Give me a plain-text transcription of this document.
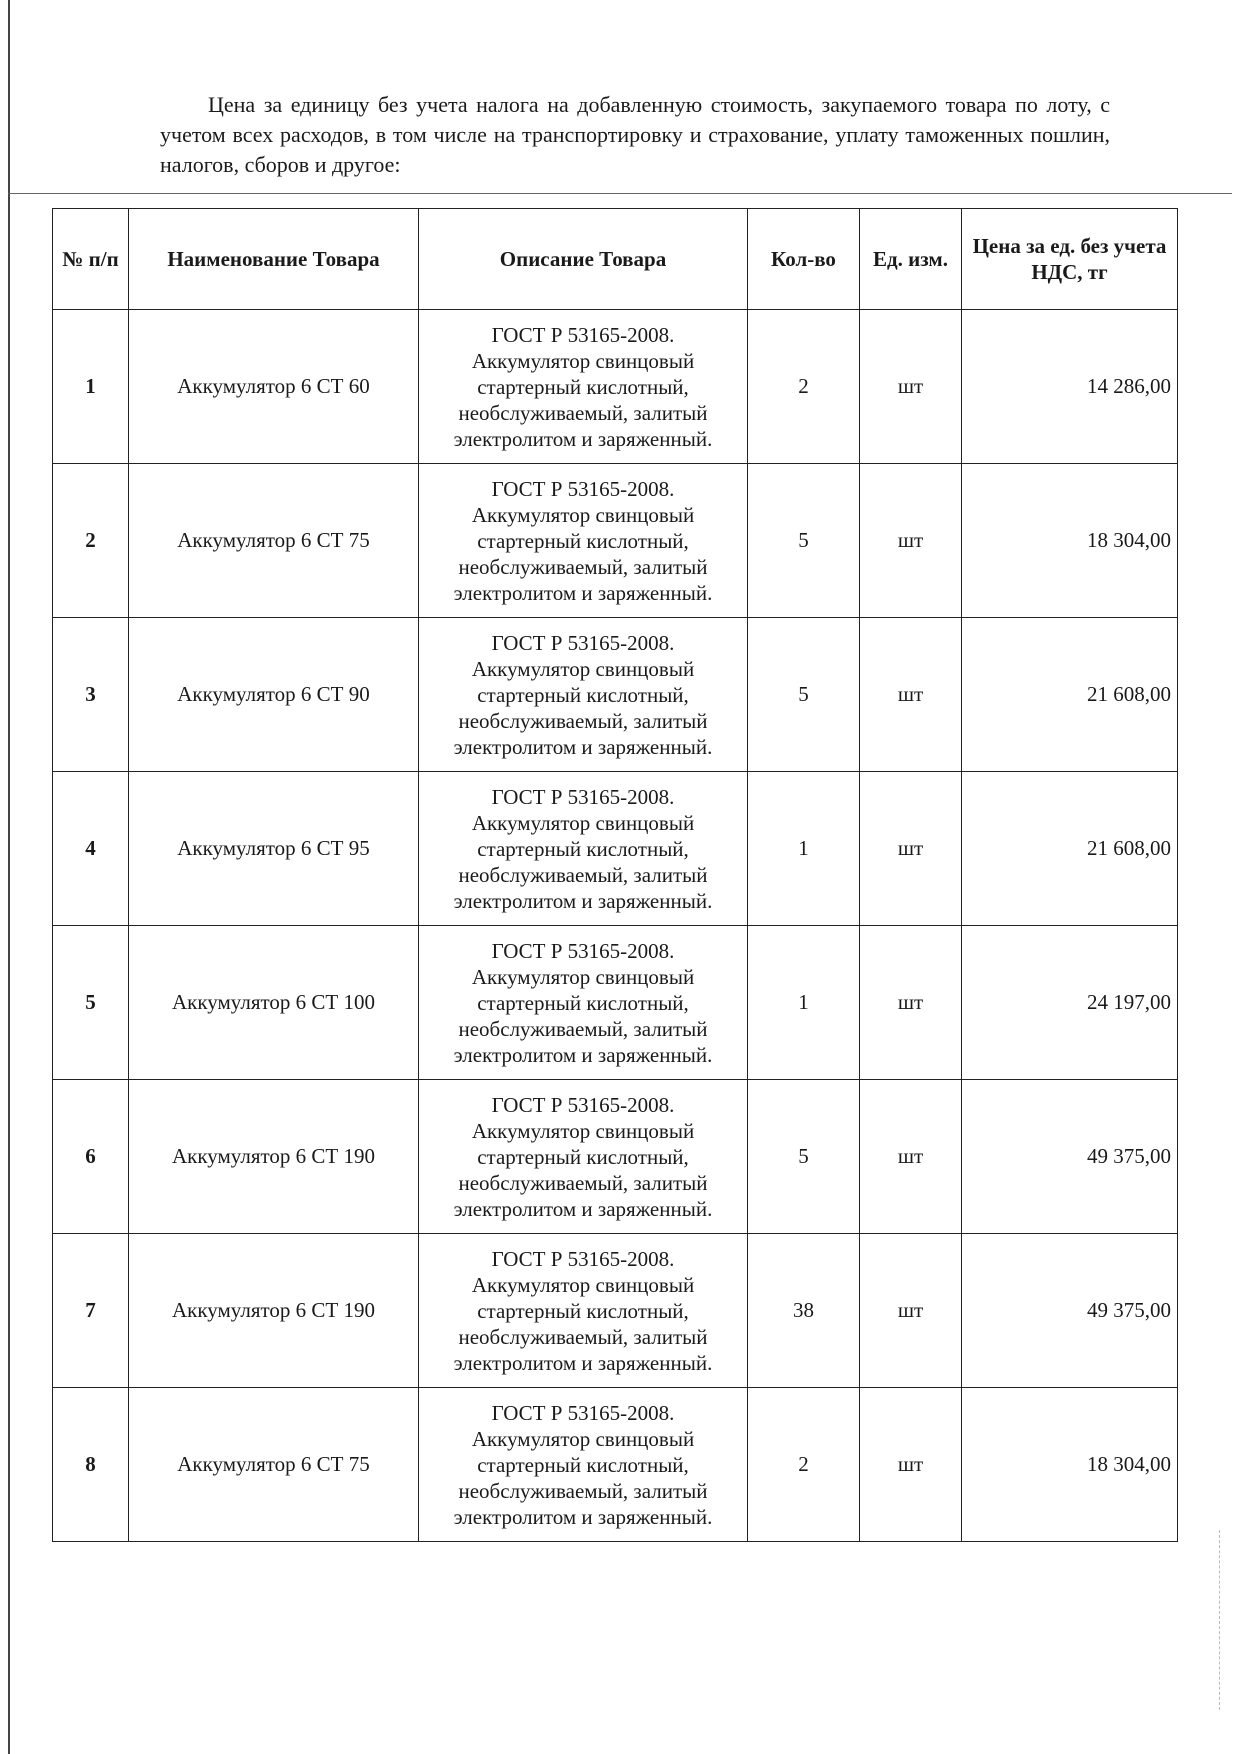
Цена за единицу без учета налога на добавленную стоимость, закупаемого товара по лоту, с учетом всех расходов, в том числе на транспортировку и страхование, уплату таможенных пошлин, налогов, сборов и другое:

№ п/п	Наименование Товара	Описание Товара	Кол-во	Ед. изм.	Цена за ед. без учета НДС, тг
1	Аккумулятор 6 СТ 60	ГОСТ Р 53165-2008.
Аккумулятор свинцовый стартерный кислотный, необслуживаемый, залитый электролитом и заряженный.	2	шт	14 286,00
2	Аккумулятор 6 СТ 75	ГОСТ Р 53165-2008.
Аккумулятор свинцовый стартерный кислотный, необслуживаемый, залитый электролитом и заряженный.	5	шт	18 304,00
3	Аккумулятор 6 СТ 90	ГОСТ Р 53165-2008.
Аккумулятор свинцовый стартерный кислотный, необслуживаемый, залитый электролитом и заряженный.	5	шт	21 608,00
4	Аккумулятор 6 СТ 95	ГОСТ Р 53165-2008.
Аккумулятор свинцовый стартерный кислотный, необслуживаемый, залитый электролитом и заряженный.	1	шт	21 608,00
5	Аккумулятор 6 СТ 100	ГОСТ Р 53165-2008.
Аккумулятор свинцовый стартерный кислотный, необслуживаемый, залитый электролитом и заряженный.	1	шт	24 197,00
6	Аккумулятор 6 СТ 190	ГОСТ Р 53165-2008.
Аккумулятор свинцовый стартерный кислотный, необслуживаемый, залитый электролитом и заряженный.	5	шт	49 375,00
7	Аккумулятор 6 СТ 190	ГОСТ Р 53165-2008.
Аккумулятор свинцовый стартерный кислотный, необслуживаемый, залитый электролитом и заряженный.	38	шт	49 375,00
8	Аккумулятор 6 СТ 75	ГОСТ Р 53165-2008.
Аккумулятор свинцовый стартерный кислотный, необслуживаемый, залитый электролитом и заряженный.	2	шт	18 304,00
